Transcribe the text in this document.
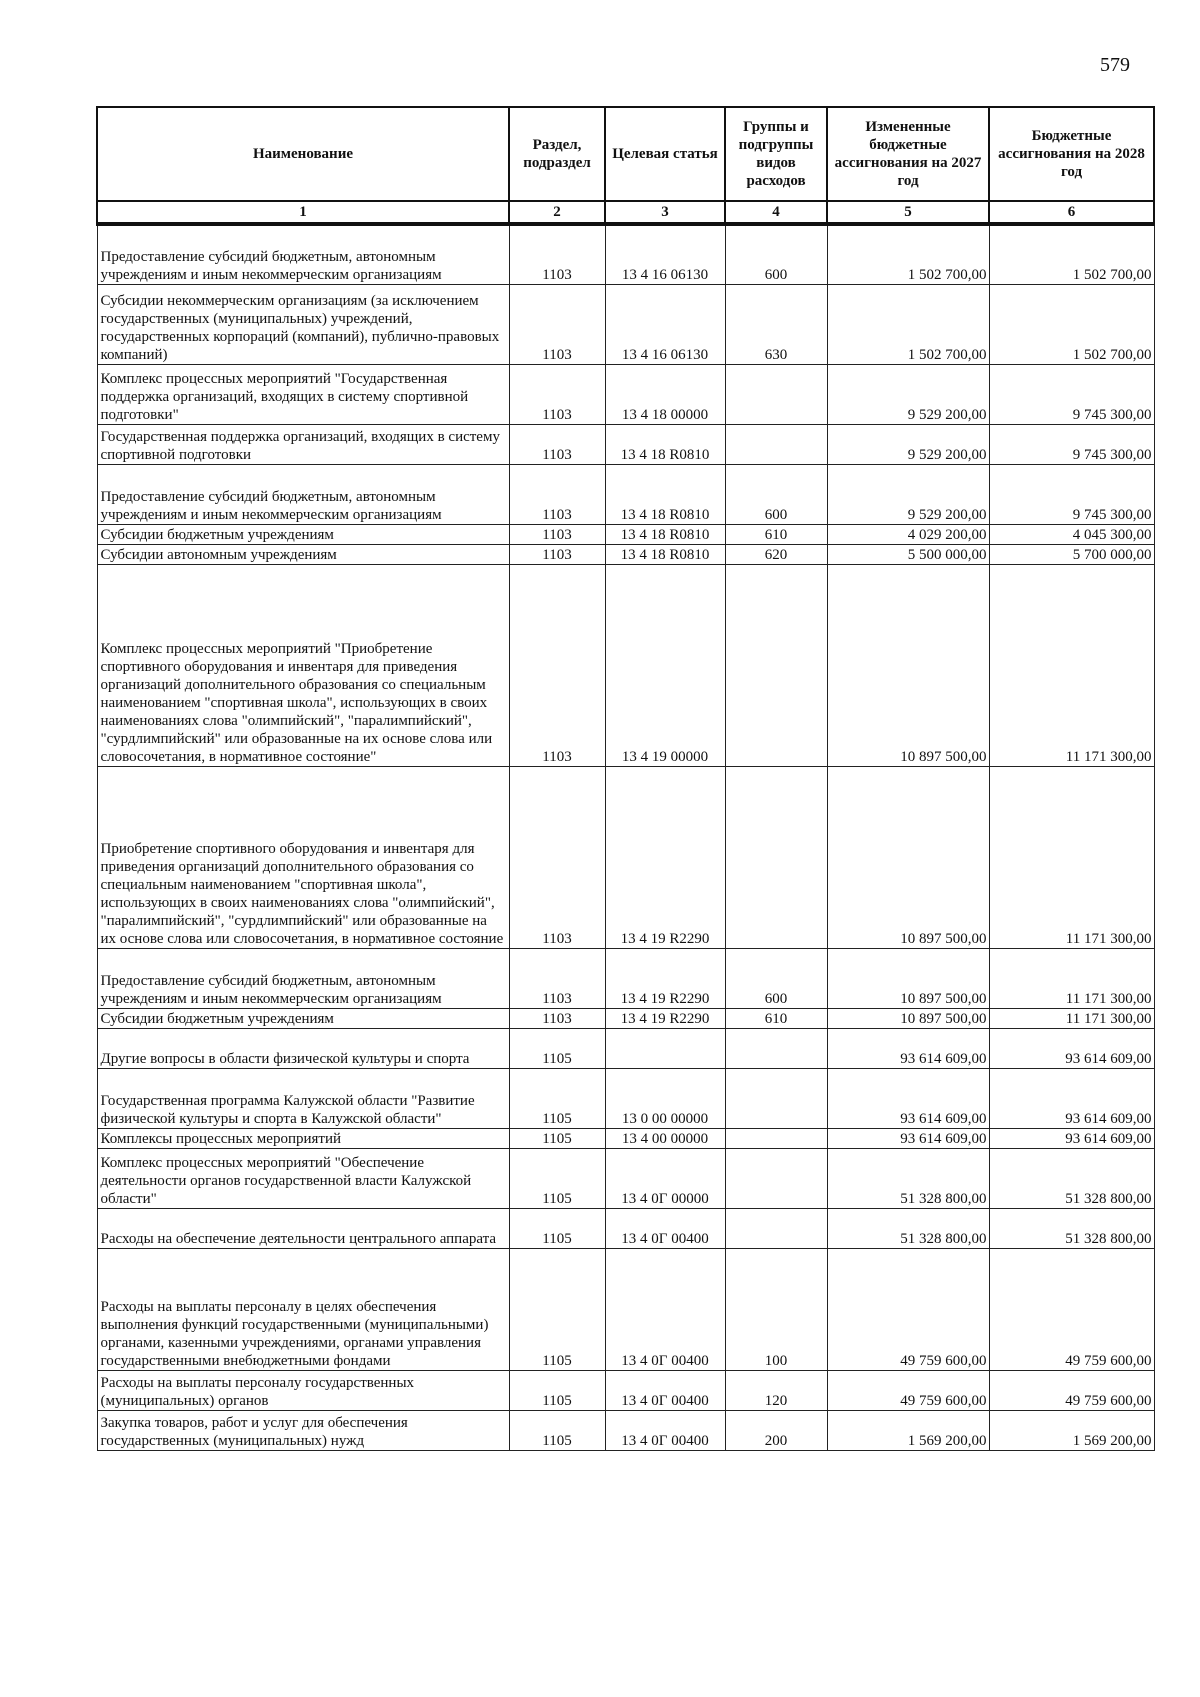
579
Наименование	Раздел, подраздел	Целевая статья	Группы и подгруппы видов расходов	Измененные бюджетные ассигнования на 2027 год	Бюджетные ассигнования на 2028 год
1	2	3	4	5	6
Предоставление субсидий бюджетным, автономным учреждениям и иным некоммерческим организациям	1103	13 4 16 06130	600	1 502 700,00	1 502 700,00
Субсидии некоммерческим организациям (за исключением государственных (муниципальных) учреждений, государственных корпораций (компаний), публично-правовых компаний)	1103	13 4 16 06130	630	1 502 700,00	1 502 700,00
Комплекс процессных мероприятий "Государственная поддержка организаций, входящих в систему спортивной подготовки"	1103	13 4 18 00000		9 529 200,00	9 745 300,00
Государственная поддержка организаций, входящих в систему спортивной подготовки	1103	13 4 18 R0810		9 529 200,00	9 745 300,00
Предоставление субсидий бюджетным, автономным учреждениям и иным некоммерческим организациям	1103	13 4 18 R0810	600	9 529 200,00	9 745 300,00
Субсидии бюджетным учреждениям	1103	13 4 18 R0810	610	4 029 200,00	4 045 300,00
Субсидии автономным учреждениям	1103	13 4 18 R0810	620	5 500 000,00	5 700 000,00
Комплекс процессных мероприятий "Приобретение спортивного оборудования и инвентаря для приведения организаций дополнительного образования со специальным наименованием "спортивная школа", использующих в своих наименованиях слова "олимпийский", "паралимпийский", "сурдлимпийский" или образованные на их основе слова или словосочетания, в нормативное состояние"	1103	13 4 19 00000		10 897 500,00	11 171 300,00
Приобретение спортивного оборудования и инвентаря для приведения организаций дополнительного образования со специальным наименованием "спортивная школа", использующих в своих наименованиях слова "олимпийский", "паралимпийский", "сурдлимпийский" или образованные на их основе слова или словосочетания, в нормативное состояние	1103	13 4 19 R2290		10 897 500,00	11 171 300,00
Предоставление субсидий бюджетным, автономным учреждениям и иным некоммерческим организациям	1103	13 4 19 R2290	600	10 897 500,00	11 171 300,00
Субсидии бюджетным учреждениям	1103	13 4 19 R2290	610	10 897 500,00	11 171 300,00
Другие вопросы в области физической культуры и спорта	1105			93 614 609,00	93 614 609,00
Государственная программа Калужской области "Развитие физической культуры и спорта в Калужской области"	1105	13 0 00 00000		93 614 609,00	93 614 609,00
Комплексы процессных мероприятий	1105	13 4 00 00000		93 614 609,00	93 614 609,00
Комплекс процессных мероприятий "Обеспечение деятельности органов государственной власти Калужской области"	1105	13 4 0Г 00000		51 328 800,00	51 328 800,00
Расходы на обеспечение деятельности центрального аппарата	1105	13 4 0Г 00400		51 328 800,00	51 328 800,00
Расходы на выплаты персоналу в целях обеспечения выполнения функций государственными (муниципальными) органами, казенными учреждениями, органами управления государственными внебюджетными фондами	1105	13 4 0Г 00400	100	49 759 600,00	49 759 600,00
Расходы на выплаты персоналу государственных (муниципальных) органов	1105	13 4 0Г 00400	120	49 759 600,00	49 759 600,00
Закупка товаров, работ и услуг для обеспечения государственных (муниципальных) нужд	1105	13 4 0Г 00400	200	1 569 200,00	1 569 200,00
